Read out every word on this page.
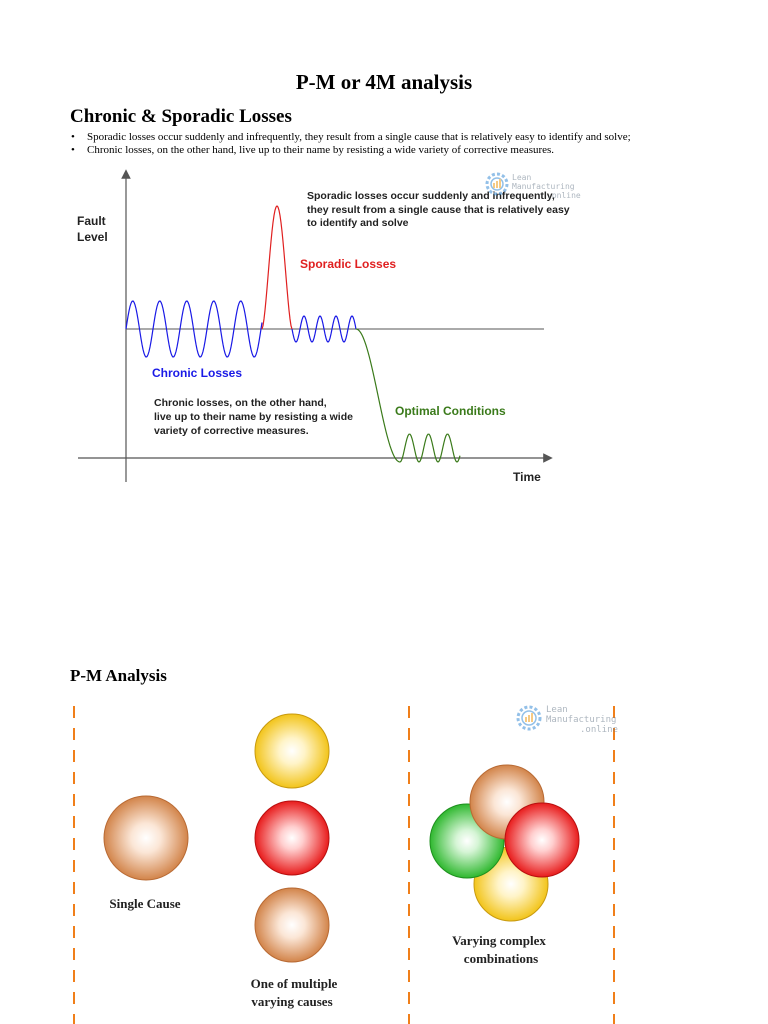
P-M or 4M analysis
Chronic & Sporadic Losses
• Sporadic losses occur suddenly and infrequently, they result from a single cause that is relatively easy to identify and solve;
• Chronic losses, on the other hand, live up to their name by resisting a wide variety of corrective measures.
Fault
Level
Time
Sporadic losses occur suddenly and infrequently,
they result from a single cause that is relatively easy
to identify and solve
Sporadic Losses
Chronic Losses
Chronic losses, on the other hand,
live up to their name by resisting a wide
variety of corrective measures.
Optimal Conditions
Lean
Manufacturing
.online
P-M Analysis
Single Cause
One of multiple
varying causes
Varying complex
combinations
Lean
Manufacturing
.online
